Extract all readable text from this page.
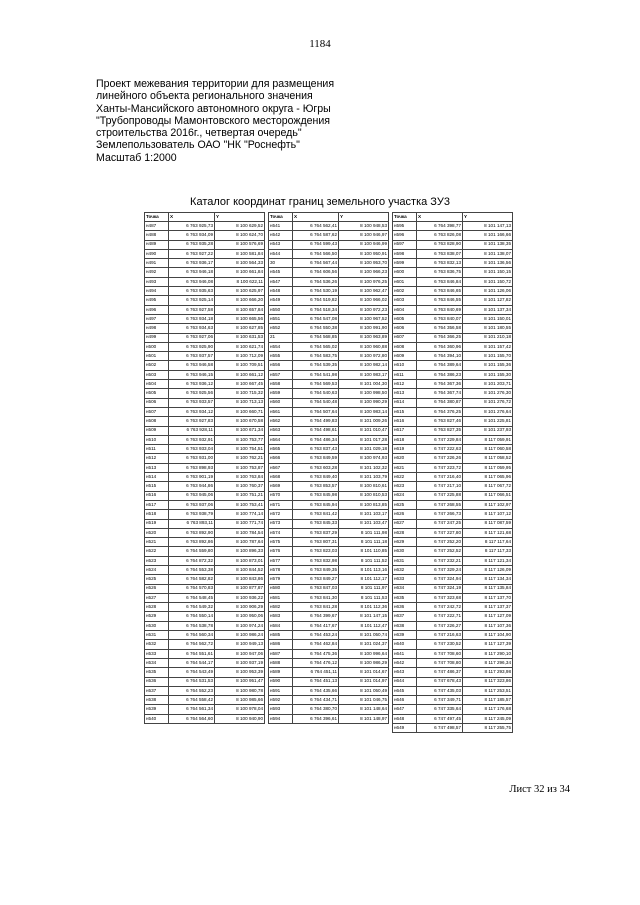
1184
Проект межевания территории для размещения
линейного объекта регионального значения
Ханты-Мансийского автономного округа - Югры
"Трубопроводы Мамонтовского месторождения
строительства 2016г., четвертая очередь"
Землепользователь ОАО "НК "Роснефть"
Масштаб 1:2000
Каталог координат границ земельного участка ЗУ3
Точка	X	Y
н487	6 763 925,73	8 100 629,52
н488	6 763 934,09	8 100 624,70
н489	6 763 935,28	8 100 576,69
н490	6 763 927,22	8 100 581,84
н491	6 763 936,17	8 100 564,33
н492	6 763 946,18	8 100 661,84
н493	6 763 946,08	8 100 622,11
н494	6 763 935,63	8 100 625,97
н495	6 763 925,14	8 100 666,20
н496	6 763 927,58	8 100 657,84
н497	6 763 934,18	8 100 665,56
н498	6 763 934,63	8 100 627,85
н499	6 763 927,06	8 100 631,53
н500	6 763 925,90	8 100 621,74
н501	6 763 937,57	8 100 712,09
н502	6 763 946,58	8 100 709,51
н503	6 763 946,15	8 100 661,12
н504	6 763 936,12	8 100 667,45
н505	6 763 925,56	8 100 715,32
н506	6 763 933,57	8 100 713,13
н507	6 763 934,12	8 100 660,71
н508	6 763 927,83	8 100 670,58
н509	6 763 928,11	8 100 671,34
н510	6 763 932,91	8 100 753,77
н511	6 763 933,04	8 100 754,51
н512	6 763 931,00	8 100 762,21
н513	6 763 898,93	8 100 753,87
н514	6 763 901,19	8 100 763,84
н515	6 763 944,86	8 100 760,37
н516	6 763 945,06	8 100 751,21
н517	6 763 937,06	8 100 753,41
н518	6 763 938,79	8 100 774,14
н519	6 763 893,11	8 100 771,74
н520	6 763 892,90	8 100 784,54
н521	6 763 892,86	8 100 787,64
н522	6 764 559,80	8 100 896,33
н523	6 764 872,32	8 100 873,01
н524	6 764 553,38	8 100 844,52
н525	6 764 582,82	8 100 843,86
н526	6 764 570,83	8 100 877,87
н527	6 764 548,45	8 100 936,22
н528	6 764 549,32	8 100 906,29
н529	6 764 550,14	8 100 950,06
н530	6 764 538,78	8 100 974,24
н531	6 764 560,34	8 100 986,24
н532	6 764 562,72	8 100 949,13
н533	6 764 551,61	8 100 947,06
н534	6 764 544,17	8 100 937,19
н535	6 764 543,49	8 100 953,39
н536	6 764 531,53	8 100 951,47
н537	6 764 552,23	8 100 980,78
н538	6 764 558,42	8 100 985,66
н539	6 764 561,34	8 100 978,04
н540	6 764 564,60	8 100 940,90
Точка	X	Y
н541	6 764 562,41	8 100 948,53
н542	6 764 587,62	8 100 946,97
н543	6 764 599,43	8 100 946,99
н544	6 764 566,50	8 100 950,91
30	6 764 567,44	8 100 953,70
н545	6 764 606,56	8 100 966,23
н547	6 764 536,26	8 100 976,25
н548	6 764 530,19	8 100 962,47
н549	6 764 519,82	8 100 966,02
н550	6 764 518,34	8 100 972,23
н551	6 764 547,08	8 100 967,52
н552	6 764 550,38	8 100 991,90
21	6 764 568,85	8 100 963,89
н554	6 764 565,02	8 100 960,88
н555	6 764 583,75	8 100 972,80
н556	6 764 539,35	8 100 982,14
н557	6 764 541,98	8 100 983,17
н558	6 764 569,53	8 101 004,30
н559	6 764 540,63	8 100 998,50
н560	6 764 540,48	8 100 990,29
н561	6 764 507,64	8 100 983,14
н562	6 764 499,83	8 101 009,26
н563	6 764 498,61	8 101 010,47
н564	6 764 486,34	8 101 017,28
н565	6 763 837,43	8 101 029,18
н566	6 763 849,59	8 100 974,93
н567	6 763 603,28	8 101 102,32
н568	6 763 849,40	8 101 103,79
н569	6 763 853,57	8 100 810,61
н570	6 763 845,98	8 100 810,53
н571	6 763 845,94	8 100 813,85
н572	6 763 841,42	8 101 103,17
н573	6 763 845,33	8 101 103,47
н574	6 763 837,29	8 101 111,98
н575	6 763 807,31	8 101 111,18
н576	6 763 823,03	8 101 110,85
н577	6 763 832,98	8 101 111,52
н578	6 763 849,35	8 101 113,16
н579	6 763 849,27	8 101 112,17
н580	6 763 847,03	8 101 111,97
н581	6 763 841,30	8 101 111,53
н582	6 763 841,28	8 101 112,36
н583	6 764 399,67	8 101 147,15
н584	6 764 417,67	8 101 112,47
н585	6 764 453,24	8 101 050,74
н586	6 764 462,84	8 101 024,37
н587	6 764 475,36	8 100 996,64
н588	6 764 476,12	8 100 986,29
н589	6 764 451,11	8 101 014,67
н590	6 764 451,13	8 101 014,97
н591	6 764 435,66	8 101 050,49
н592	6 764 434,71	8 101 046,75
н593	6 764 380,70	8 101 148,64
н594	6 764 396,61	8 101 148,97
Точка	X	Y
н595	6 764 398,77	8 101 147,13
н596	6 763 826,08	8 101 166,66
н597	6 763 828,90	8 101 138,35
н598	6 763 838,07	8 101 138,07
н599	6 763 832,13	8 101 136,56
н600	6 763 836,75	8 101 150,15
н601	6 763 846,84	8 101 150,72
н602	6 763 846,65	8 101 126,06
н603	6 763 846,55	8 101 127,82
н604	6 763 840,69	8 101 137,34
н605	6 763 840,07	8 101 150,01
н606	6 764 356,58	8 101 180,55
н607	6 764 366,25	8 101 210,18
н608	6 764 360,96	8 101 157,42
н609	6 764 394,10	8 101 155,70
н610	6 764 389,64	8 101 155,36
н611	6 764 386,23	8 101 155,30
н612	6 764 367,36	8 101 203,71
н613	6 764 367,74	8 101 276,30
н614	6 764 380,87	8 101 276,72
н615	6 764 376,25	8 101 276,64
н616	6 763 827,46	8 101 225,81
н617	6 763 827,35	8 101 237,93
н618	6 747 229,84	8 117 059,91
н619	6 747 222,63	8 117 060,58
н620	6 747 226,26	8 117 058,52
н621	6 747 223,72	8 117 059,95
н622	6 747 216,40	8 117 065,96
н623	6 747 217,10	8 117 067,72
н624	6 747 225,88	8 117 066,51
н625	6 747 268,55	8 117 102,97
н626	6 747 266,73	8 117 107,12
н627	6 747 247,25	8 117 087,59
н628	6 747 227,80	8 117 121,68
н629	6 747 252,20	8 117 117,64
н630	6 747 252,52	8 117 117,33
н631	6 747 232,21	8 117 121,34
н632	6 747 329,24	8 117 126,09
н633	6 747 324,94	8 117 134,34
н634	6 747 324,19	8 117 135,84
н635	6 747 323,68	8 117 137,70
н636	6 747 242,72	8 117 137,37
н637	6 747 222,71	8 117 127,09
н638	6 747 226,27	8 117 107,36
н639	6 747 216,63	8 117 104,90
н640	6 747 230,52	8 117 127,39
н641	6 747 708,60	8 117 290,10
н642	6 747 708,80	8 117 296,34
н643	6 747 486,37	8 117 293,98
н644	6 747 678,43	8 117 323,86
н645	6 747 435,03	8 117 253,51
н646	6 747 349,71	8 117 185,57
н647	6 747 335,64	8 117 176,68
н648	6 747 497,45	8 117 245,09
н649	6 747 498,57	8 117 255,75
Лист 32 из 34
